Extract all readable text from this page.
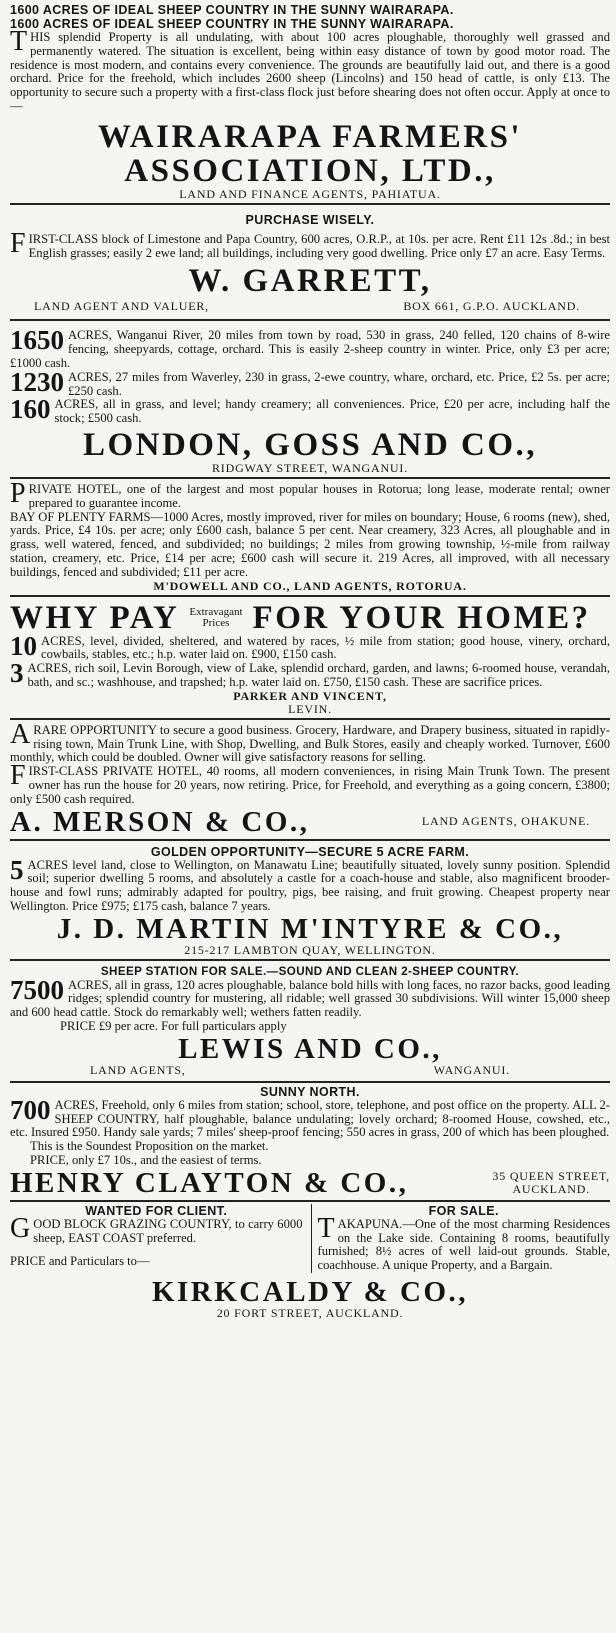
1600 ACRES OF IDEAL SHEEP COUNTRY IN THE SUNNY WAIRARAPA.
1600 ACRES OF IDEAL SHEEP COUNTRY IN THE SUNNY WAIRARAPA.
THIS splendid Property is all undulating, with about 100 acres ploughable, thoroughly well grassed and permanently watered. The situation is excellent, being within easy distance of town by good motor road. The residence is most modern, and contains every convenience. The grounds are beautifully laid out, and there is a good orchard. Price for the freehold, which includes 2600 sheep (Lincolns) and 150 head of cattle, is only £13. The opportunity to secure such a property with a first-class flock just before shearing does not often occur. Apply at once to—
WAIRARAPA FARMERS'
ASSOCIATION, LTD.,
LAND AND FINANCE AGENTS, PAHIATUA.
PURCHASE WISELY.
FIRST-CLASS block of Limestone and Papa Country, 600 acres, O.R.P., at 10s. per acre. Rent £11 12s .8d.; in best English grasses; easily 2 ewe land; all buildings, including very good dwelling. Price only £7 an acre. Easy Terms.
W. GARRETT,
LAND AGENT AND VALUER,	BOX 661, G.P.O. AUCKLAND.
1650 ACRES, Wanganui River, 20 miles from town by road, 530 in grass, 240 felled, 120 chains of 8-wire fencing, sheepyards, cottage, orchard. This is easily 2-sheep country in winter. Price, only £3 per acre; £1000 cash.
1230 ACRES, 27 miles from Waverley, 230 in grass, 2-ewe country, whare, orchard, etc. Price, £2 5s. per acre; £250 cash.
160 ACRES, all in grass, and level; handy creamery; all conveniences. Price, £20 per acre, including half the stock; £500 cash.
LONDON, GOSS AND CO.,
RIDGWAY STREET, WANGANUI.
PRIVATE HOTEL, one of the largest and most popular houses in Rotorua; long lease, moderate rental; owner prepared to guarantee income.
BAY OF PLENTY FARMS—1000 Acres, mostly improved, river for miles on boundary; House, 6 rooms (new), shed, yards. Price, £4 10s. per acre; only £600 cash, balance 5 per cent. Near creamery, 323 Acres, all ploughable and in grass, well watered, fenced, and subdivided; no buildings; 2 miles from growing township, ½-mile from railway station, creamery, etc. Price, £14 per acre; £600 cash will secure it. 219 Acres, all improved, with all necessary buildings, fenced and subdivided; £11 per acre.
M'DOWELL AND CO., LAND AGENTS, ROTORUA.
WHY PAY Extravagant
Prices FOR YOUR HOME?
10 ACRES, level, divided, sheltered, and watered by races, ½ mile from station; good house, vinery, orchard, cowbails, stables, etc.; h.p. water laid on. £900, £150 cash.
3 ACRES, rich soil, Levin Borough, view of Lake, splendid orchard, garden, and lawns; 6-roomed house, verandah, bath, and sc.; washhouse, and trapshed; h.p. water laid on. £750, £150 cash. These are sacrifice prices.
PARKER AND VINCENT,
LEVIN.
ARARE OPPORTUNITY to secure a good business. Grocery, Hardware, and Drapery business, situated in rapidly-rising town, Main Trunk Line, with Shop, Dwelling, and Bulk Stores, easily and cheaply worked. Turnover, £600 monthly, which could be doubled. Owner will give satisfactory reasons for selling.
FIRST-CLASS PRIVATE HOTEL, 40 rooms, all modern conveniences, in rising Main Trunk Town. The present owner has run the house for 20 years, now retiring. Price, for Freehold, and everything as a going concern, £3800; only £500 cash required.
A. MERSON & CO.,	LAND AGENTS, OHAKUNE.
GOLDEN OPPORTUNITY—SECURE 5 ACRE FARM.
5 ACRES level land, close to Wellington, on Manawatu Line; beautifully situated, lovely sunny position. Splendid soil; superior dwelling 5 rooms, and absolutely a castle for a coach-house and stable, also magnificent brooder-house and fowl runs; admirably adapted for poultry, pigs, bee raising, and fruit growing. Cheapest property near Wellington. Price £975; £175 cash, balance 7 years.
J. D. MARTIN M'INTYRE & CO.,
215-217 LAMBTON QUAY, WELLINGTON.
SHEEP STATION FOR SALE.—SOUND AND CLEAN 2-SHEEP COUNTRY.
7500 ACRES, all in grass, 120 acres ploughable, balance bold hills with long faces, no razor backs, good leading ridges; splendid country for mustering, all ridable; well grassed 30 subdivisions. Will winter 15,000 sheep and 600 head cattle. Stock do remarkably well; wethers fatten readily.
PRICE £9 per acre. For full particulars apply
LEWIS AND CO.,
LAND AGENTS,	WANGANUI.
SUNNY NORTH.
700 ACRES, Freehold, only 6 miles from station; school, store, telephone, and post office on the property. ALL 2-SHEEP COUNTRY, half ploughable, balance undulating; lovely orchard; 8-roomed House, cowshed, etc., etc. Insured £950. Handy sale yards; 7 miles' sheep-proof fencing; 550 acres in grass, 200 of which has been ploughed.
This is the Soundest Proposition on the market.
PRICE, only £7 10s., and the easiest of terms.
HENRY CLAYTON & CO.,	35 QUEEN STREET,
AUCKLAND.
WANTED FOR CLIENT.
GOOD BLOCK GRAZING COUNTRY, to carry 6000 sheep, EAST COAST preferred.
PRICE and Particulars to—
FOR SALE.
TAKAPUNA.—One of the most charming Residences on the Lake side. Containing 8 rooms, beautifully furnished; 8½ acres of well laid-out grounds. Stable, coachhouse. A unique Property, and a Bargain.
KIRKCALDY & CO.,
20 FORT STREET, AUCKLAND.
